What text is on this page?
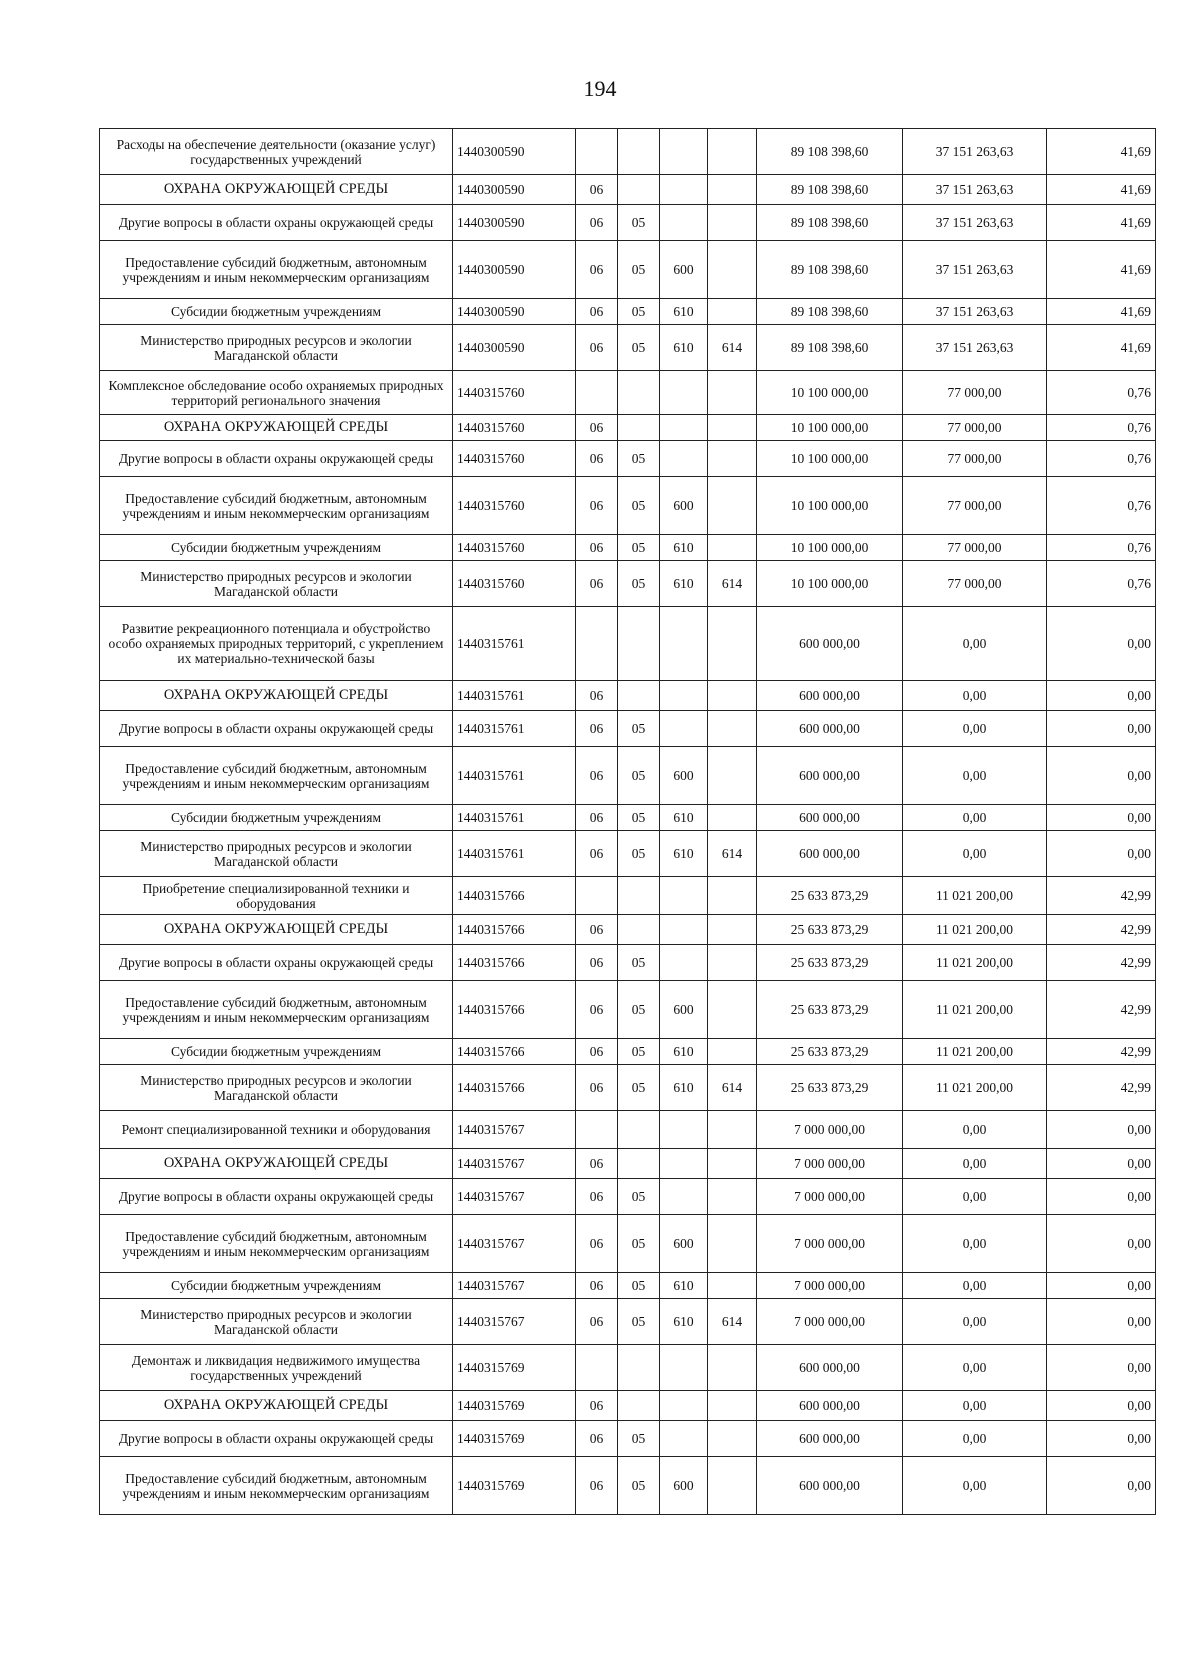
194
Расходы на обеспечение деятельности (оказание услуг) государственных учреждений	1440300590					89 108 398,60	37 151 263,63	41,69
ОХРАНА ОКРУЖАЮЩЕЙ СРЕДЫ	1440300590	06				89 108 398,60	37 151 263,63	41,69
Другие вопросы в области охраны окружающей среды	1440300590	06	05			89 108 398,60	37 151 263,63	41,69
Предоставление субсидий бюджетным, автономным учреждениям и иным некоммерческим организациям	1440300590	06	05	600		89 108 398,60	37 151 263,63	41,69
Субсидии бюджетным учреждениям	1440300590	06	05	610		89 108 398,60	37 151 263,63	41,69
Министерство природных ресурсов и экологии Магаданской области	1440300590	06	05	610	614	89 108 398,60	37 151 263,63	41,69
Комплексное обследование особо охраняемых природных территорий регионального значения	1440315760					10 100 000,00	77 000,00	0,76
ОХРАНА ОКРУЖАЮЩЕЙ СРЕДЫ	1440315760	06				10 100 000,00	77 000,00	0,76
Другие вопросы в области охраны окружающей среды	1440315760	06	05			10 100 000,00	77 000,00	0,76
Предоставление субсидий бюджетным, автономным учреждениям и иным некоммерческим организациям	1440315760	06	05	600		10 100 000,00	77 000,00	0,76
Субсидии бюджетным учреждениям	1440315760	06	05	610		10 100 000,00	77 000,00	0,76
Министерство природных ресурсов и экологии Магаданской области	1440315760	06	05	610	614	10 100 000,00	77 000,00	0,76
Развитие рекреационного потенциала и обустройство особо охраняемых природных территорий, с укреплением их материально-технической базы	1440315761					600 000,00	0,00	0,00
ОХРАНА ОКРУЖАЮЩЕЙ СРЕДЫ	1440315761	06				600 000,00	0,00	0,00
Другие вопросы в области охраны окружающей среды	1440315761	06	05			600 000,00	0,00	0,00
Предоставление субсидий бюджетным, автономным учреждениям и иным некоммерческим организациям	1440315761	06	05	600		600 000,00	0,00	0,00
Субсидии бюджетным учреждениям	1440315761	06	05	610		600 000,00	0,00	0,00
Министерство природных ресурсов и экологии Магаданской области	1440315761	06	05	610	614	600 000,00	0,00	0,00
Приобретение специализированной техники и оборудования	1440315766					25 633 873,29	11 021 200,00	42,99
ОХРАНА ОКРУЖАЮЩЕЙ СРЕДЫ	1440315766	06				25 633 873,29	11 021 200,00	42,99
Другие вопросы в области охраны окружающей среды	1440315766	06	05			25 633 873,29	11 021 200,00	42,99
Предоставление субсидий бюджетным, автономным учреждениям и иным некоммерческим организациям	1440315766	06	05	600		25 633 873,29	11 021 200,00	42,99
Субсидии бюджетным учреждениям	1440315766	06	05	610		25 633 873,29	11 021 200,00	42,99
Министерство природных ресурсов и экологии Магаданской области	1440315766	06	05	610	614	25 633 873,29	11 021 200,00	42,99
Ремонт специализированной техники и оборудования	1440315767					7 000 000,00	0,00	0,00
ОХРАНА ОКРУЖАЮЩЕЙ СРЕДЫ	1440315767	06				7 000 000,00	0,00	0,00
Другие вопросы в области охраны окружающей среды	1440315767	06	05			7 000 000,00	0,00	0,00
Предоставление субсидий бюджетным, автономным учреждениям и иным некоммерческим организациям	1440315767	06	05	600		7 000 000,00	0,00	0,00
Субсидии бюджетным учреждениям	1440315767	06	05	610		7 000 000,00	0,00	0,00
Министерство природных ресурсов и экологии Магаданской области	1440315767	06	05	610	614	7 000 000,00	0,00	0,00
Демонтаж и ликвидация недвижимого имущества государственных учреждений	1440315769					600 000,00	0,00	0,00
ОХРАНА ОКРУЖАЮЩЕЙ СРЕДЫ	1440315769	06				600 000,00	0,00	0,00
Другие вопросы в области охраны окружающей среды	1440315769	06	05			600 000,00	0,00	0,00
Предоставление субсидий бюджетным, автономным учреждениям и иным некоммерческим организациям	1440315769	06	05	600		600 000,00	0,00	0,00
